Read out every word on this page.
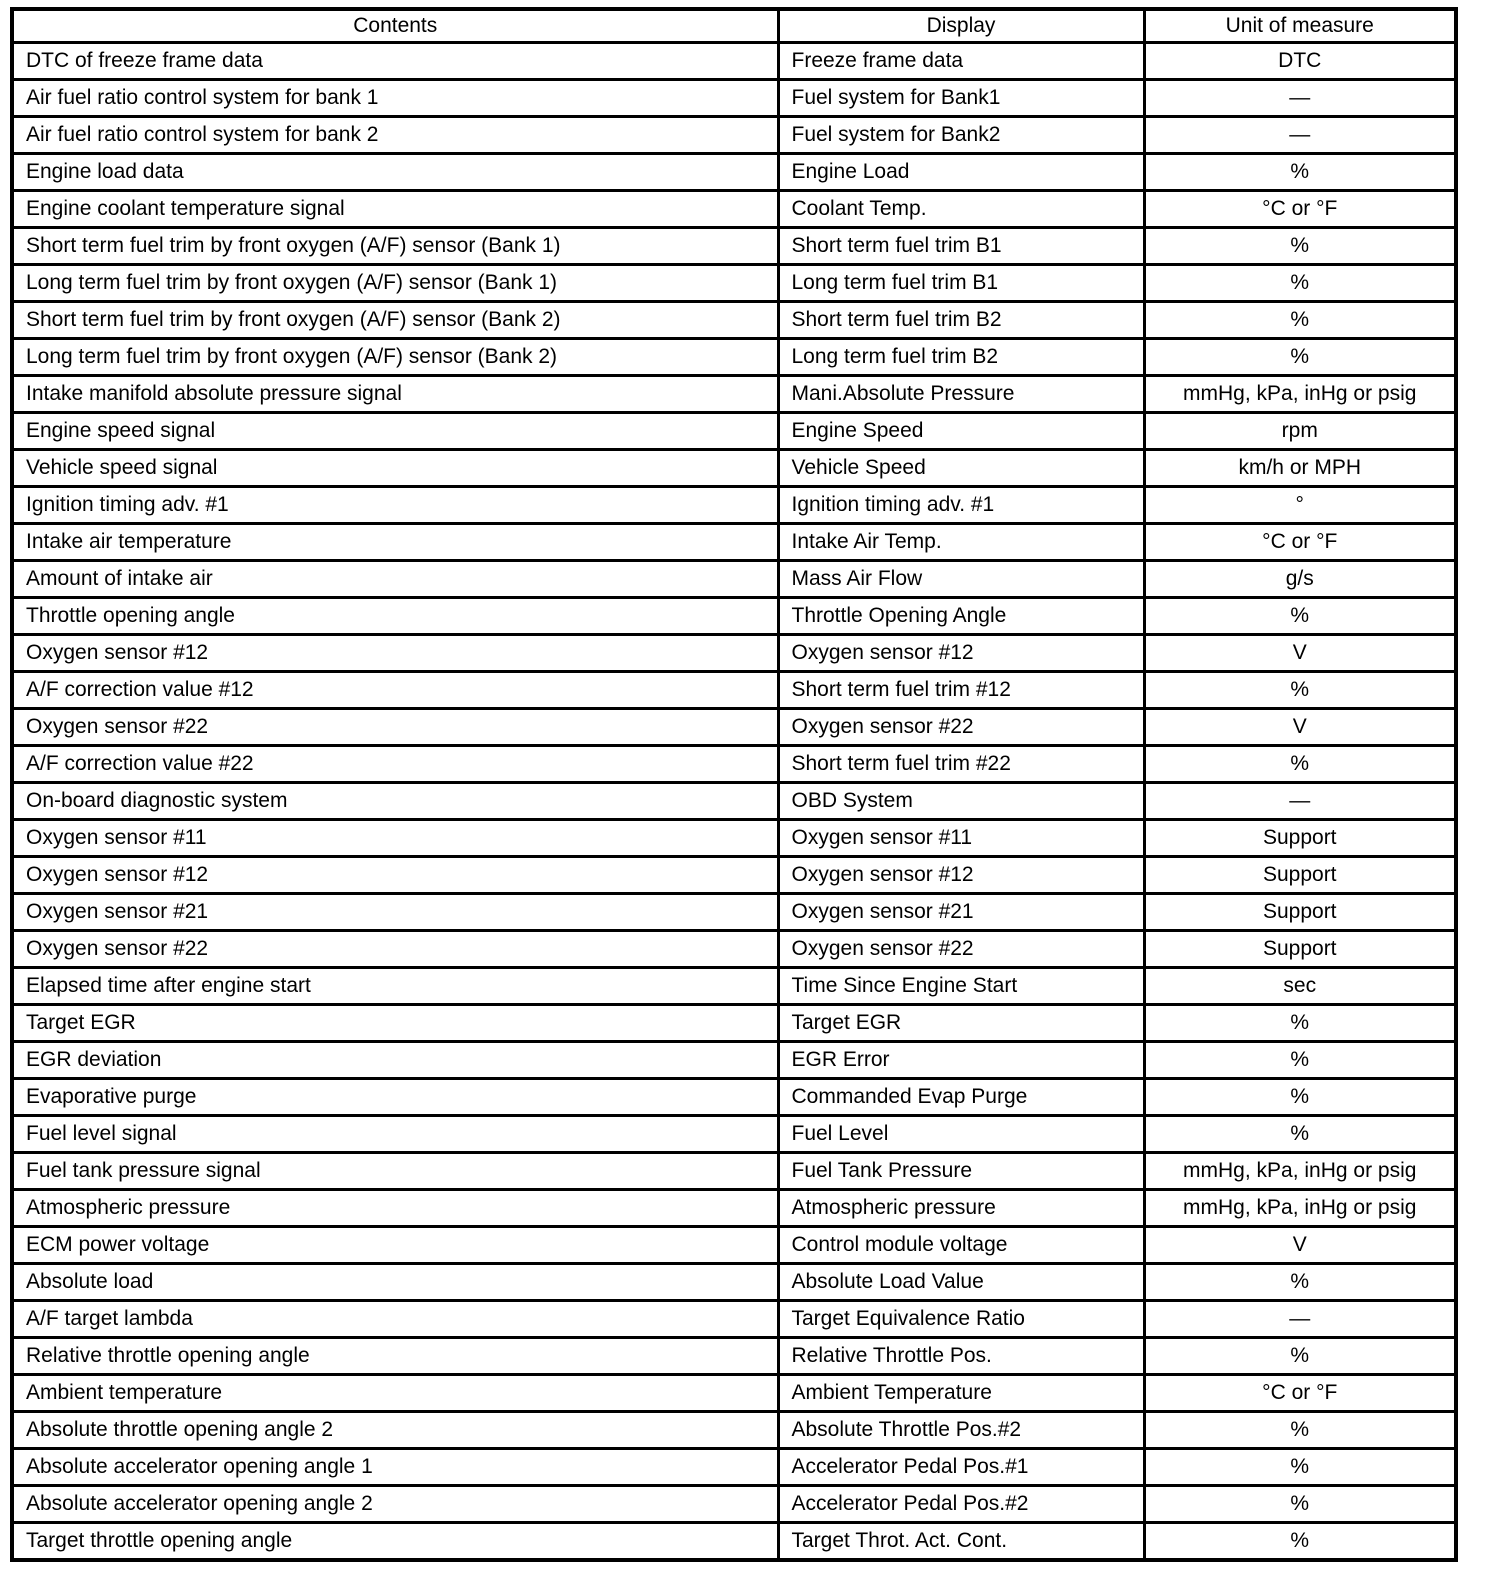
Contents	Display	Unit of measure
DTC of freeze frame data	Freeze frame data	DTC
Air fuel ratio control system for bank 1	Fuel system for Bank1	—
Air fuel ratio control system for bank 2	Fuel system for Bank2	—
Engine load data	Engine Load	%
Engine coolant temperature signal	Coolant Temp.	°C or °F
Short term fuel trim by front oxygen (A/F) sensor (Bank 1)	Short term fuel trim B1	%
Long term fuel trim by front oxygen (A/F) sensor (Bank 1)	Long term fuel trim B1	%
Short term fuel trim by front oxygen (A/F) sensor (Bank 2)	Short term fuel trim B2	%
Long term fuel trim by front oxygen (A/F) sensor (Bank 2)	Long term fuel trim B2	%
Intake manifold absolute pressure signal	Mani.Absolute Pressure	mmHg, kPa, inHg or psig
Engine speed signal	Engine Speed	rpm
Vehicle speed signal	Vehicle Speed	km/h or MPH
Ignition timing adv. #1	Ignition timing adv. #1	°
Intake air temperature	Intake Air Temp.	°C or °F
Amount of intake air	Mass Air Flow	g/s
Throttle opening angle	Throttle Opening Angle	%
Oxygen sensor #12	Oxygen sensor #12	V
A/F correction value #12	Short term fuel trim #12	%
Oxygen sensor #22	Oxygen sensor #22	V
A/F correction value #22	Short term fuel trim #22	%
On-board diagnostic system	OBD System	—
Oxygen sensor #11	Oxygen sensor #11	Support
Oxygen sensor #12	Oxygen sensor #12	Support
Oxygen sensor #21	Oxygen sensor #21	Support
Oxygen sensor #22	Oxygen sensor #22	Support
Elapsed time after engine start	Time Since Engine Start	sec
Target EGR	Target EGR	%
EGR deviation	EGR Error	%
Evaporative purge	Commanded Evap Purge	%
Fuel level signal	Fuel Level	%
Fuel tank pressure signal	Fuel Tank Pressure	mmHg, kPa, inHg or psig
Atmospheric pressure	Atmospheric pressure	mmHg, kPa, inHg or psig
ECM power voltage	Control module voltage	V
Absolute load	Absolute Load Value	%
A/F target lambda	Target Equivalence Ratio	—
Relative throttle opening angle	Relative Throttle Pos.	%
Ambient temperature	Ambient Temperature	°C or °F
Absolute throttle opening angle 2	Absolute Throttle Pos.#2	%
Absolute accelerator opening angle 1	Accelerator Pedal Pos.#1	%
Absolute accelerator opening angle 2	Accelerator Pedal Pos.#2	%
Target throttle opening angle	Target Throt. Act. Cont.	%
